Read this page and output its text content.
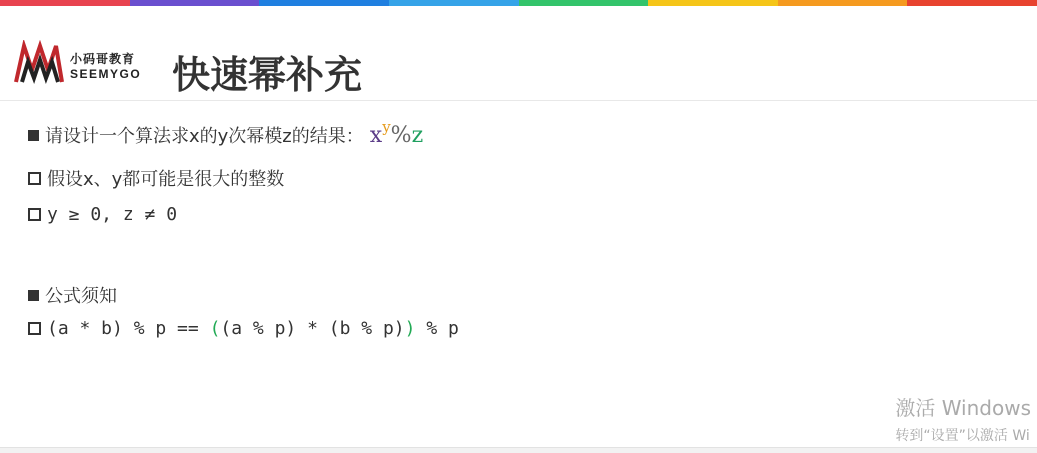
小码哥教育
SEEMYGO 快速幂补充
请设计一个算法求x的y次幂模z的结果： $x^y\%z$
假设x、y都可能是很大的整数
y ≥ 0, z ≠ 0
公式须知
(a * b) % p == ((a % p) * (b % p)) % p
激活 Windows
转到“设置”以激活 Wi
